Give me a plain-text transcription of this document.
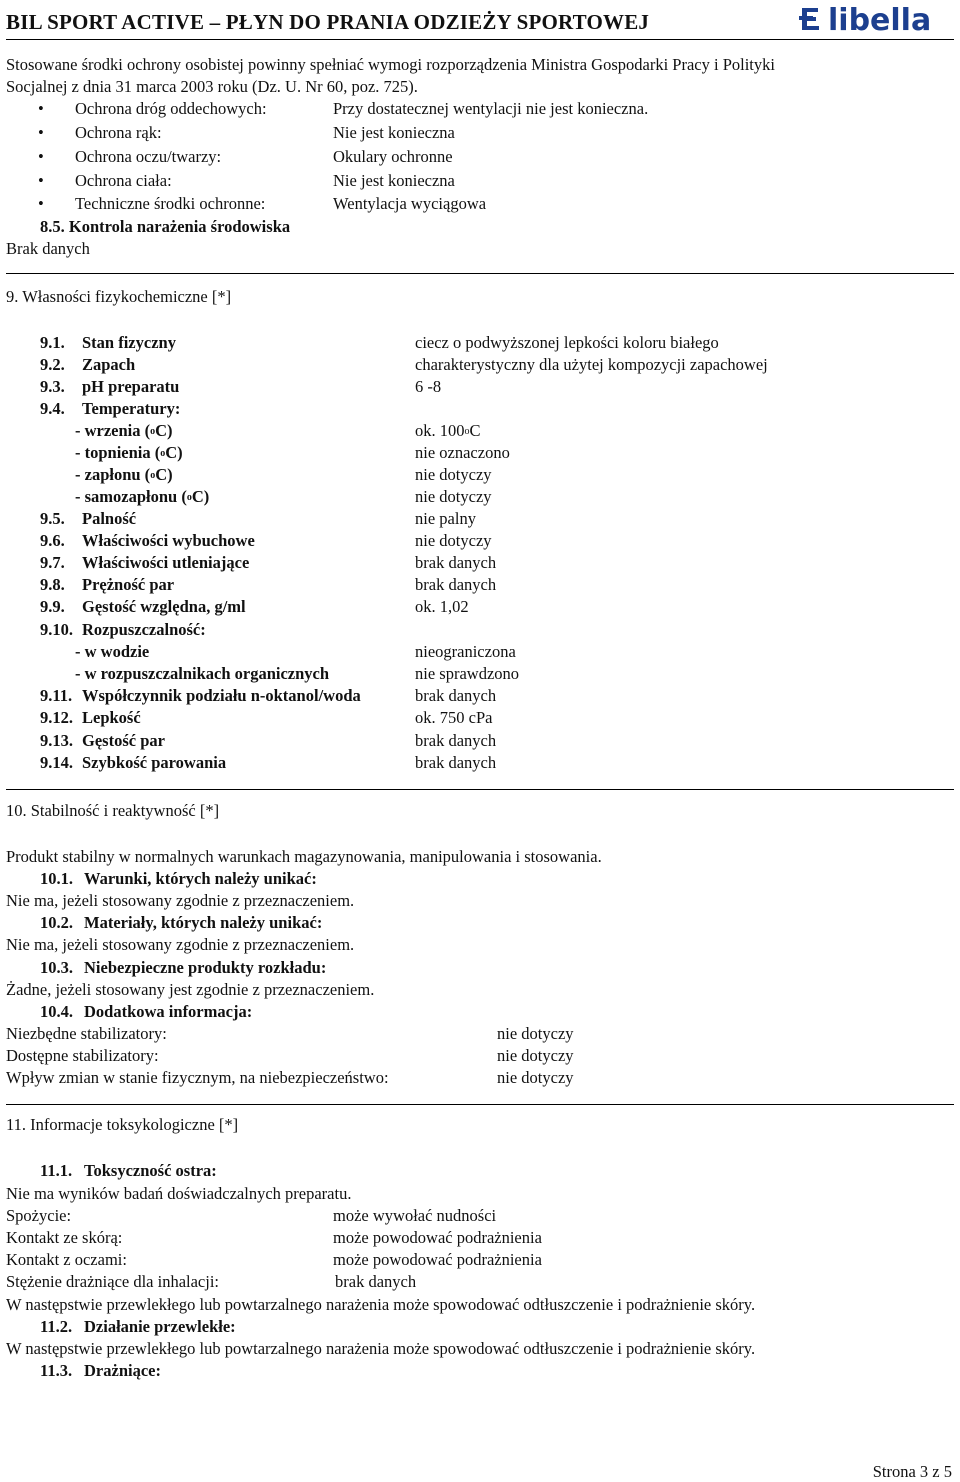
BIL SPORT ACTIVE – PŁYN DO PRANIA ODZIEŻY SPORTOWEJ	libella
Stosowane środki ochrony osobistej powinny spełniać wymogi rozporządzenia Ministra Gospodarki Pracy i Polityki
Socjalnej z dnia 31 marca 2003 roku (Dz. U. Nr 60, poz. 725).
• Ochrona dróg oddechowych:	Przy dostatecznej wentylacji nie jest konieczna.
• Ochrona rąk:	Nie jest konieczna
• Ochrona oczu/twarzy:	Okulary ochronne
• Ochrona ciała:	Nie jest konieczna
• Techniczne środki ochronne:	Wentylacja wyciągowa
8.5. Kontrola narażenia środowiska
Brak danych
9. Własności fizykochemiczne [*]
9.1. Stan fizyczny	ciecz o podwyższonej lepkości koloru białego
9.2. Zapach	charakterystyczny dla użytej kompozycji zapachowej
9.3. pH preparatu	6 -8
9.4. Temperatury:
- wrzenia ($^o$C)	ok. 100$^o$C
- topnienia ($^o$C)	nie oznaczono
- zapłonu ($^o$C)	nie dotyczy
- samozapłonu ($^o$C)	nie dotyczy
9.5. Palność	nie palny
9.6. Właściwości wybuchowe	nie dotyczy
9.7. Właściwości utleniające	brak danych
9.8. Prężność par	brak danych
9.9. Gęstość względna, g/ml	ok. 1,02
9.10. Rozpuszczalność:
- w wodzie	nieograniczona
- w rozpuszczalnikach organicznych	nie sprawdzono
9.11. Współczynnik podziału n-oktanol/woda	brak danych
9.12. Lepkość	ok. 750 cPa
9.13. Gęstość par	brak danych
9.14. Szybkość parowania	brak danych
10. Stabilność i reaktywność [*]
Produkt stabilny w normalnych warunkach magazynowania, manipulowania i stosowania.
10.1. Warunki, których należy unikać:
Nie ma, jeżeli stosowany zgodnie z przeznaczeniem.
10.2. Materiały, których należy unikać:
Nie ma, jeżeli stosowany zgodnie z przeznaczeniem.
10.3. Niebezpieczne produkty rozkładu:
Żadne, jeżeli stosowany jest zgodnie z przeznaczeniem.
10.4. Dodatkowa informacja:
Niezbędne stabilizatory:	nie dotyczy
Dostępne stabilizatory:	nie dotyczy
Wpływ zmian w stanie fizycznym, na niebezpieczeństwo:	nie dotyczy
11. Informacje toksykologiczne [*]
11.1. Toksyczność ostra:
Nie ma wyników badań doświadczalnych preparatu.
Spożycie:	może wywołać nudności
Kontakt ze skórą:	może powodować podrażnienia
Kontakt z oczami:	może powodować podrażnienia
Stężenie drażniące dla inhalacji:	brak danych
W następstwie przewlekłego lub powtarzalnego narażenia może spowodować odtłuszczenie i podrażnienie skóry.
11.2. Działanie przewlekłe:
W następstwie przewlekłego lub powtarzalnego narażenia może spowodować odtłuszczenie i podrażnienie skóry.
11.3. Drażniące:
Strona 3 z 5
